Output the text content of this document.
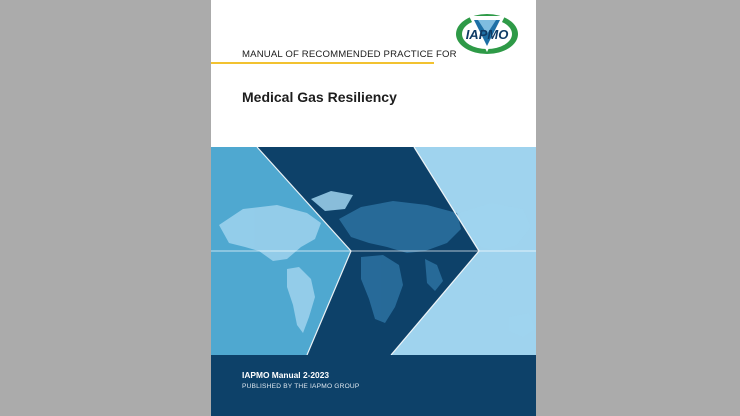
IAPMO
MANUAL OF RECOMMENDED PRACTICE FOR
Medical Gas Resiliency
IAPMO Manual 2-2023
PUBLISHED BY THE IAPMO GROUP
